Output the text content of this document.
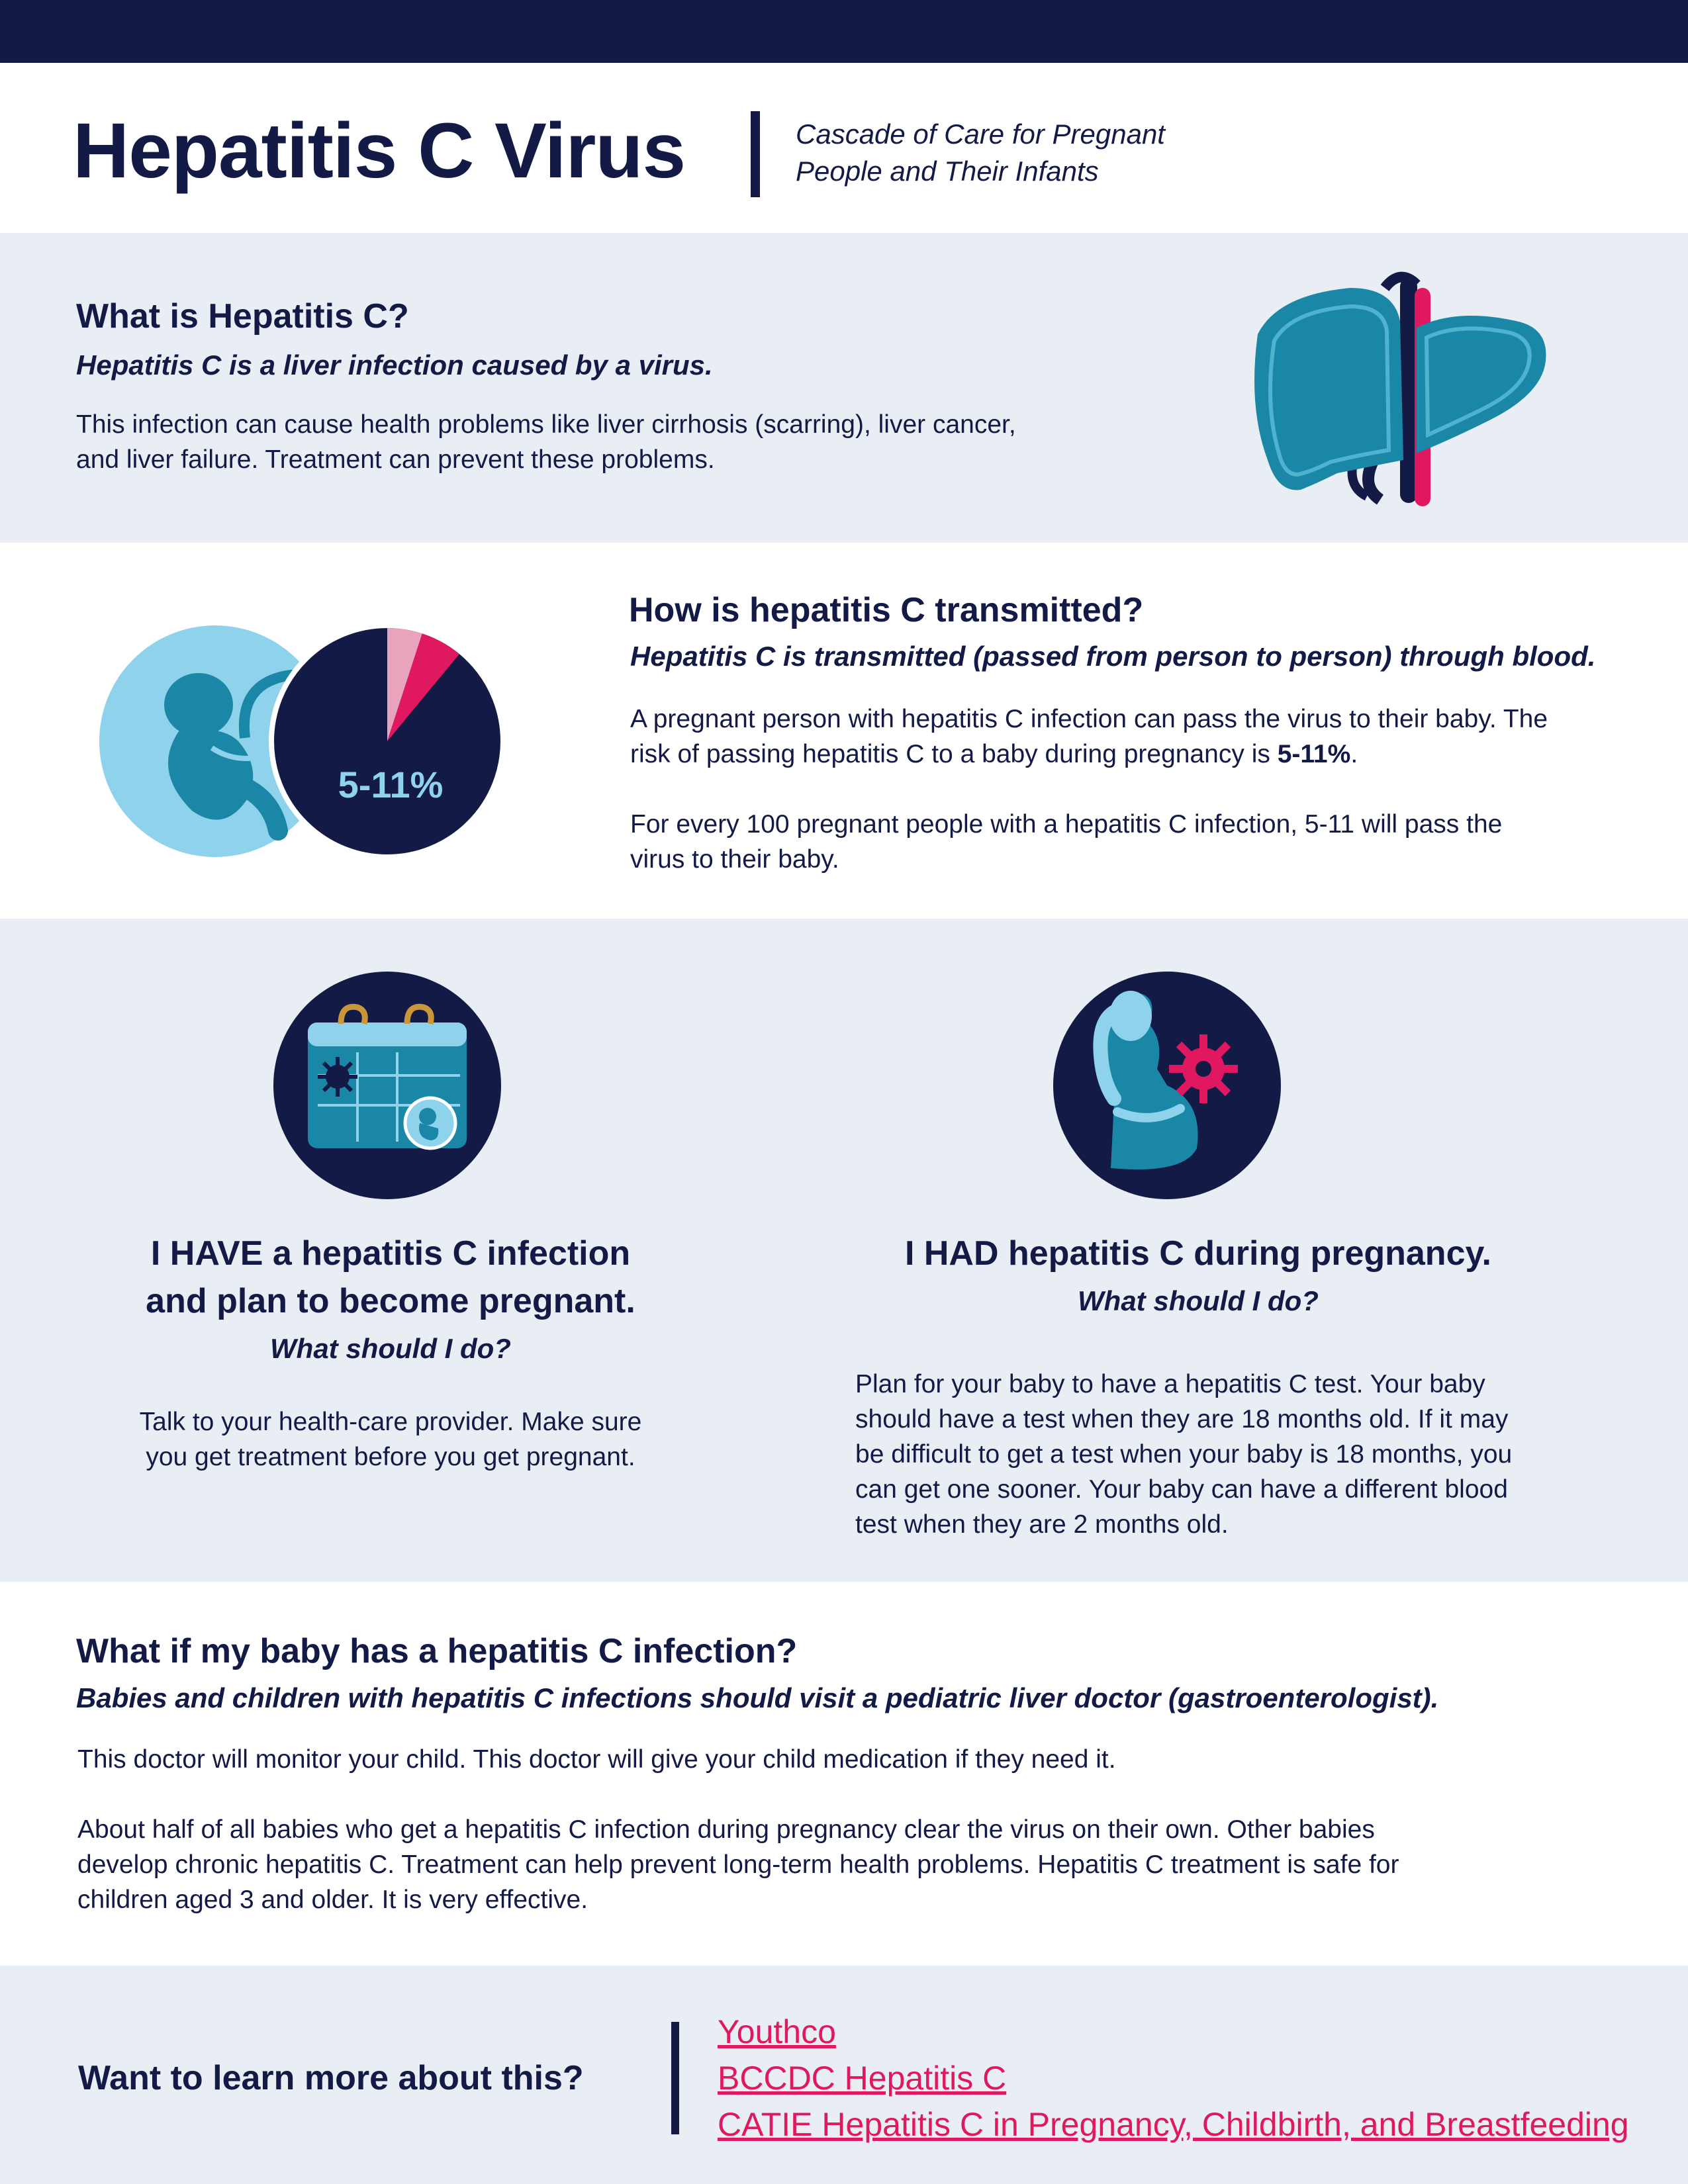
Hepatitis C Virus	Cascade of Care for Pregnant
People and Their Infants
What is Hepatitis C?
Hepatitis C is a liver infection caused by a virus.

This infection can cause health problems like liver cirrhosis (scarring), liver cancer,

and liver failure. Treatment can prevent these problems.

5-11%
How is hepatitis C transmitted?
Hepatitis C is transmitted (passed from person to person) through blood.

A pregnant person with hepatitis C infection can pass the virus to their baby. The

risk of passing hepatitis C to a baby during pregnancy is 5-11%.

For every 100 pregnant people with a hepatitis C infection, 5-11 will pass the

virus to their baby.

I HAVE a hepatitis C infection
and plan to become pregnant.
What should I do?

Talk to your health-care provider. Make sure

you get treatment before you get pregnant.

I HAD hepatitis C during pregnancy.
What should I do?

Plan for your baby to have a hepatitis C test. Your baby

should have a test when they are 18 months old. If it may

be difficult to get a test when your baby is 18 months, you

can get one sooner. Your baby can have a different blood

test when they are 2 months old.

What if my baby has a hepatitis C infection?
Babies and children with hepatitis C infections should visit a pediatric liver doctor (gastroenterologist).

This doctor will monitor your child. This doctor will give your child medication if they need it.

About half of all babies who get a hepatitis C infection during pregnancy clear the virus on their own. Other babies

develop chronic hepatitis C. Treatment can help prevent long-term health problems. Hepatitis C treatment is safe for

children aged 3 and older. It is very effective.

Want to learn more about this?
Youthco
BCCDC Hepatitis C
CATIE Hepatitis C in Pregnancy, Childbirth, and Breastfeeding
